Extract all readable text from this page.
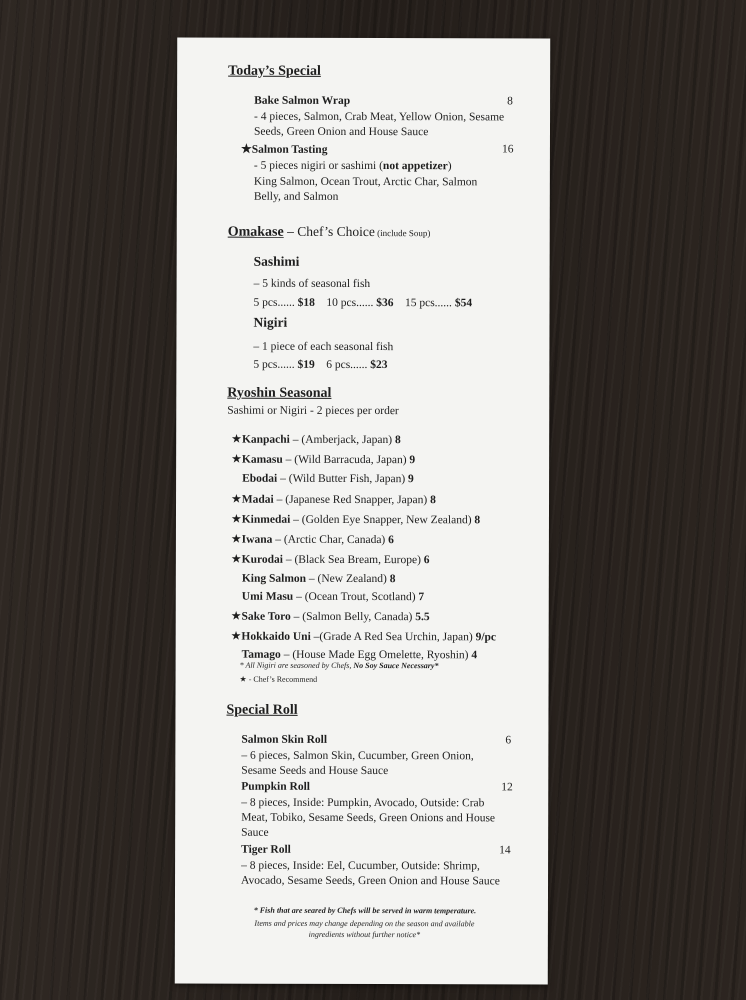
Today’s Special
Bake Salmon Wrap	8
- 4 pieces, Salmon, Crab Meat, Yellow Onion, Sesame Seeds, Green Onion and House Sauce
★Salmon Tasting	16
- 5 pieces nigiri or sashimi (not appetizer)
King Salmon, Ocean Trout, Arctic Char, Salmon Belly, and Salmon
Omakase – Chef’s Choice (include Soup)
Sashimi
– 5 kinds of seasonal fish
5 pcs...... $18 10 pcs...... $36 15 pcs...... $54
Nigiri
– 1 piece of each seasonal fish
5 pcs...... $19 6 pcs...... $23
Ryoshin Seasonal
Sashimi or Nigiri - 2 pieces per order
★Kanpachi – (Amberjack, Japan) 8
★Kamasu – (Wild Barracuda, Japan) 9
Ebodai – (Wild Butter Fish, Japan) 9
★Madai – (Japanese Red Snapper, Japan) 8
★Kinmedai – (Golden Eye Snapper, New Zealand) 8
★Iwana – (Arctic Char, Canada) 6
★Kurodai – (Black Sea Bream, Europe) 6
King Salmon – (New Zealand) 8
Umi Masu – (Ocean Trout, Scotland) 7
★Sake Toro – (Salmon Belly, Canada) 5.5
★Hokkaido Uni –(Grade A Red Sea Urchin, Japan) 9/pc
Tamago – (House Made Egg Omelette, Ryoshin) 4
* All Nigiri are seasoned by Chefs, No Soy Sauce Necessary*
★ - Chef’s Recommend
Special Roll
Salmon Skin Roll	6
– 6 pieces, Salmon Skin, Cucumber, Green Onion, Sesame Seeds and House Sauce
Pumpkin Roll	12
– 8 pieces, Inside: Pumpkin, Avocado, Outside: Crab Meat, Tobiko, Sesame Seeds, Green Onions and House Sauce
Tiger Roll	14
– 8 pieces, Inside: Eel, Cucumber, Outside: Shrimp, Avocado, Sesame Seeds, Green Onion and House Sauce
* Fish that are seared by Chefs will be served in warm temperature.
Items and prices may change depending on the season and available ingredients without further notice*
